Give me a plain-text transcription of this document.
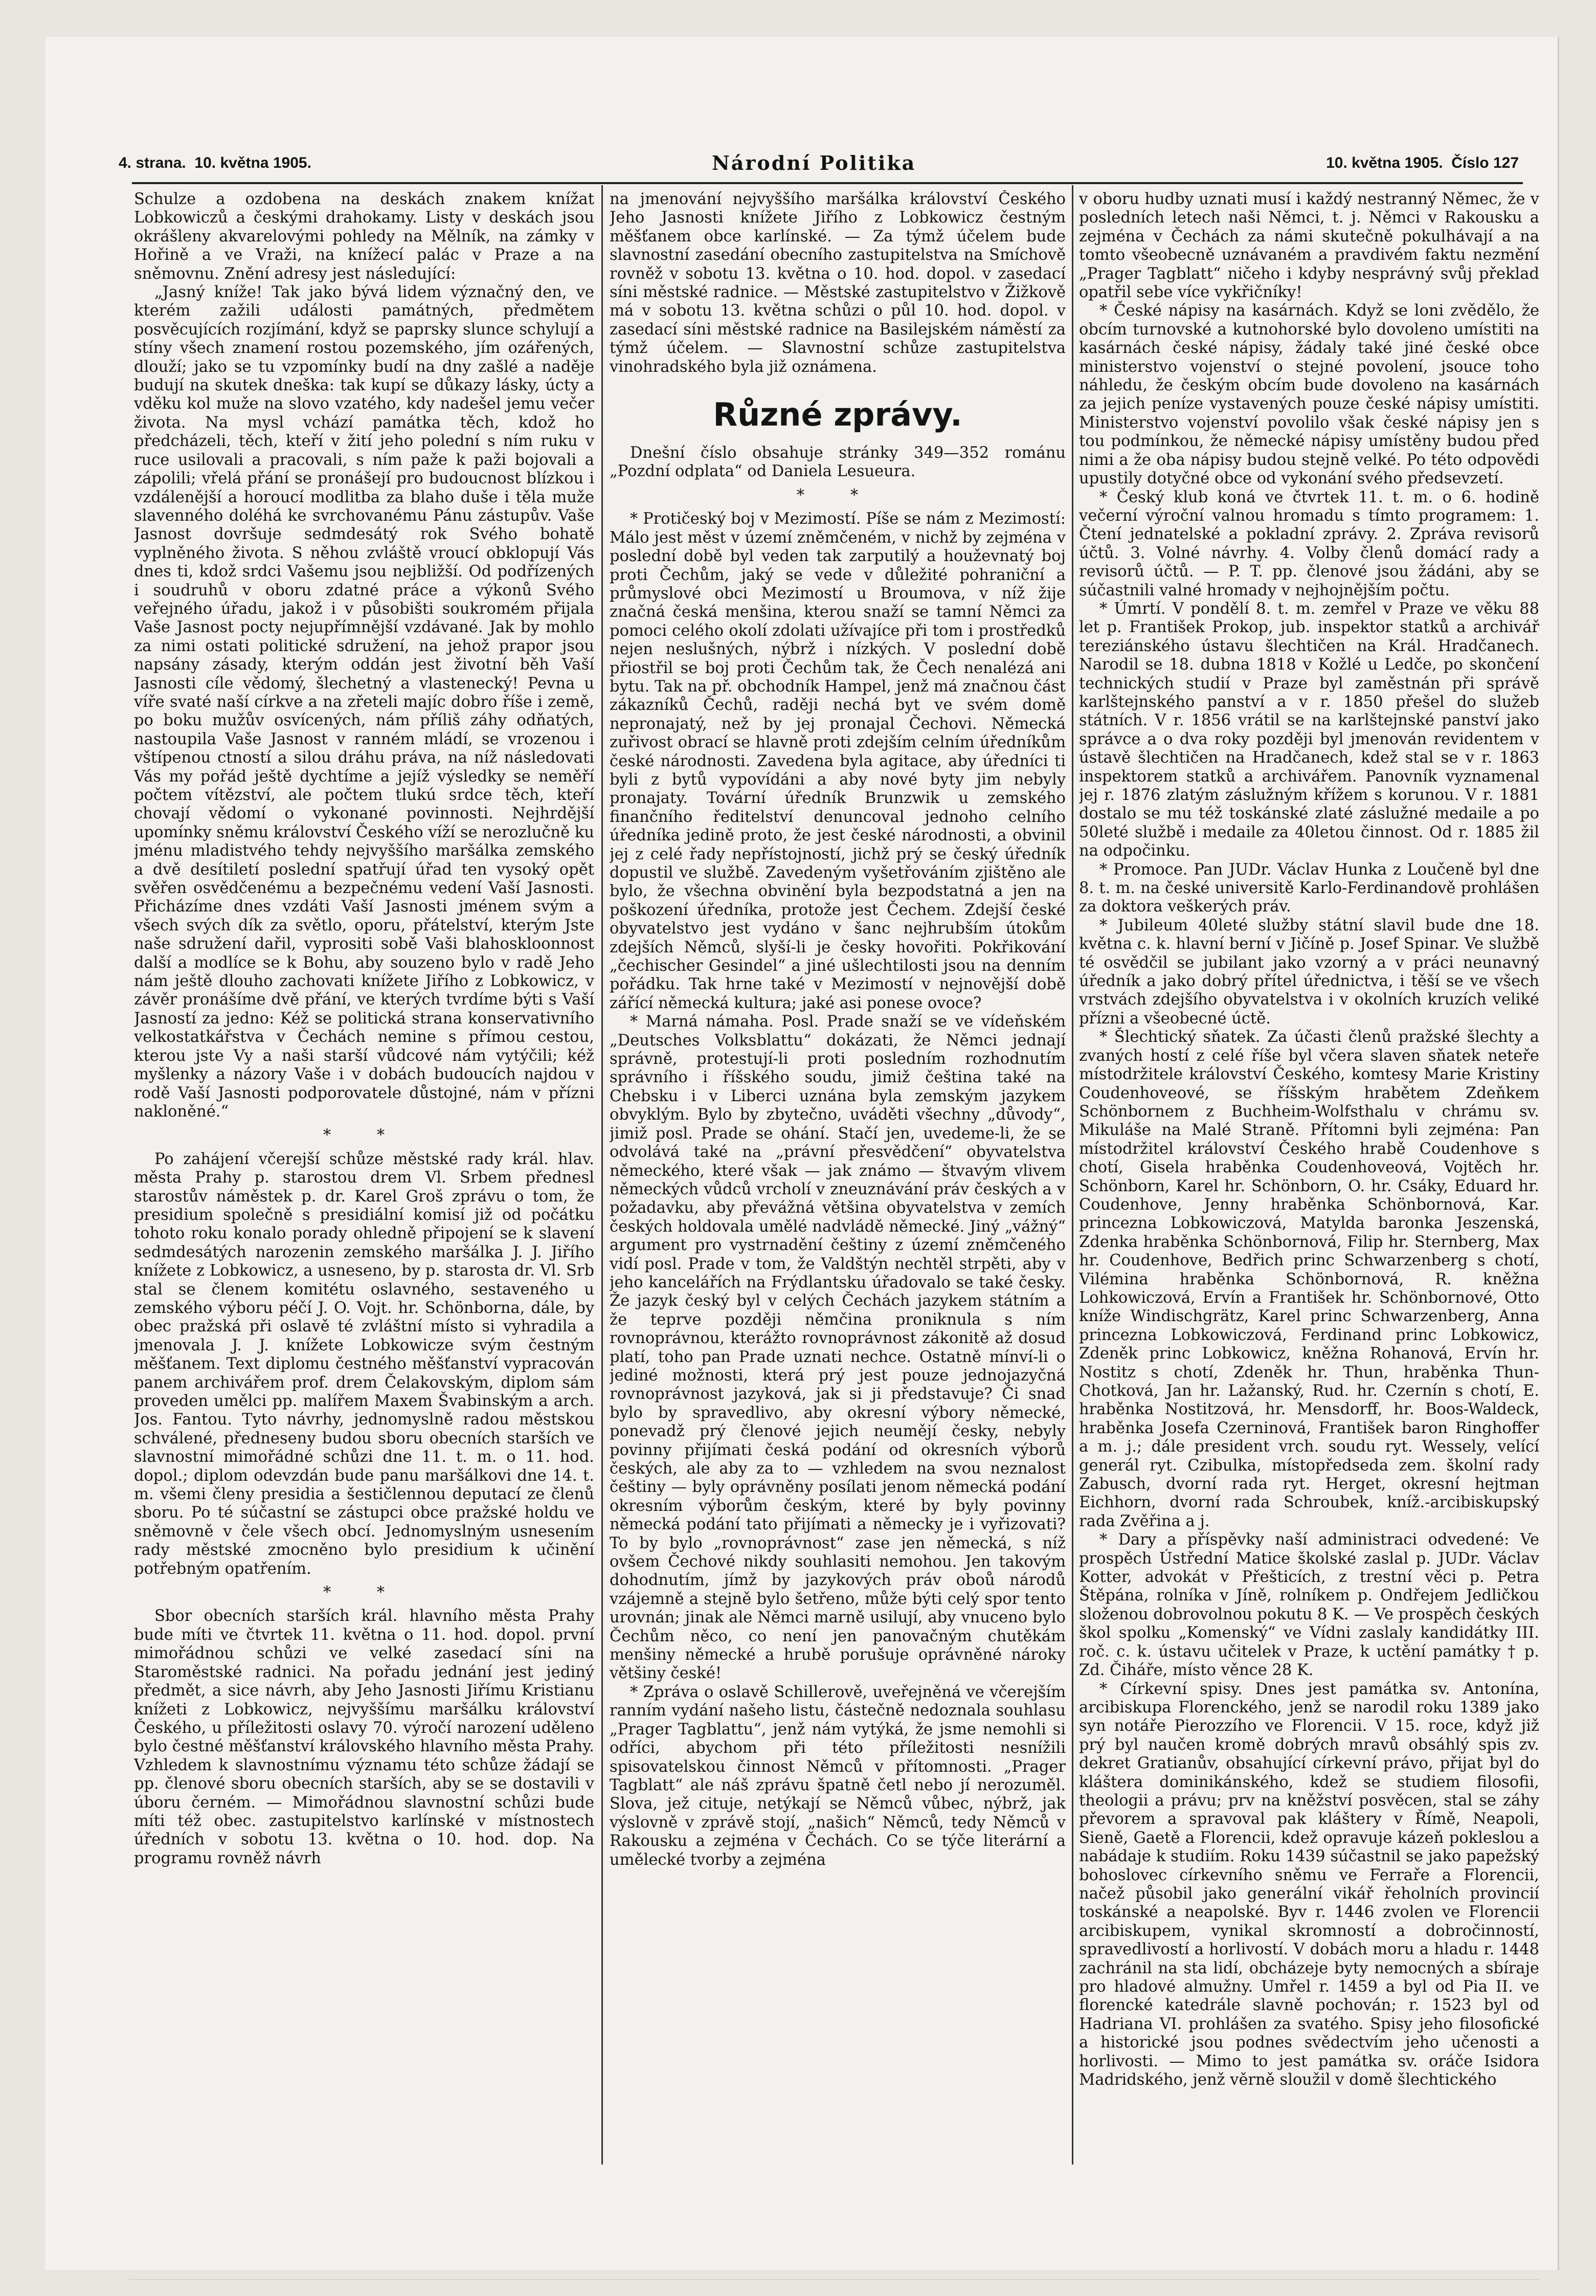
4. strana. 10. května 1905.	Národní Politika	10. května 1905. Číslo 127

Schulze a ozdobena na deskách znakem knížat Lobkowiczů a českými drahokamy. Listy v deskách jsou okrášleny akvarelovými pohledy na Mělník, na zámky v Hořině a ve Vraži, na knížecí palác v Praze a na sněmovnu. Znění adresy jest následující:

„Jasný kníže! Tak jako bývá lidem význačný den, ve kterém zažili události památných, předmětem posvěcujících rozjímání, když se paprsky slunce schylují a stíny všech znamení rostou pozemského, jím ozářených, dlouží; jako se tu vzpomínky budí na dny zašlé a naděje budují na skutek dneška: tak kupí se důkazy lásky, úcty a vděku kol muže na slovo vzatého, kdy nadešel jemu večer života. Na mysl vchází památka těch, kdož ho předcházeli, těch, kteří v žití jeho polední s ním ruku v ruce usilovali a pracovali, s ním paže k paži bojovali a zápolili; vřelá přání se pronášejí pro budoucnost blízkou i vzdálenější a horoucí modlitba za blaho duše i těla muže slavenného doléhá ke svrchovanému Pánu zástupův. Vaše Jasnost dovršuje sedmdesátý rok Svého bohatě vyplněného života. S něhou zvláště vroucí obklopují Vás dnes ti, kdož srdci Vašemu jsou nejbližší. Od podřízených i soudruhů v oboru zdatné práce a výkonů Svého veřejného úřadu, jakož i v působišti soukromém přijala Vaše Jasnost pocty nejupřímnější vzdávané. Jak by mohlo za nimi ostati politické sdružení, na jehož prapor jsou napsány zásady, kterým oddán jest životní běh Vaší Jasnosti cíle vědomý, šlechetný a vlastenecký! Pevna u víře svaté naší církve a na zřeteli majíc dobro říše i země, po boku mužův osvícených, nám příliš záhy odňatých, nastoupila Vaše Jasnost v ranném mládí, se vrozenou i vštípenou ctností a silou dráhu práva, na níž následovati Vás my pořád ještě dychtíme a jejíž výsledky se neměří počtem vítězství, ale počtem tlukú srdce těch, kteří chovají vědomí o vykonané povinnosti. Nejhrdější upomínky sněmu království Českého víží se nerozlučně ku jménu mladistvého tehdy nejvyššího maršálka zemského a dvě desítiletí poslední spatřují úřad ten vysoký opět svěřen osvědčenému a bezpečnému vedení Vaší Jasnosti. Přicházíme dnes vzdáti Vaší Jasnosti jménem svým a všech svých dík za světlo, oporu, přátelství, kterým Jste naše sdružení dařil, vyprositi sobě Vaši blahoskloonnost další a modlíce se k Bohu, aby souzeno bylo v radě Jeho nám ještě dlouho zachovati knížete Jiřího z Lobkowicz, v závěr pronášíme dvě přání, ve kterých tvrdíme býti s Vaší Jasností za jedno: Kéž se politická strana konservativního velkostatkářstva v Čechách nemine s přímou cestou, kterou jste Vy a naši starší vůdcové nám vytýčili; kéž myšlenky a názory Vaše i v dobách budoucích najdou v rodě Vaší Jasnosti podporovatele důstojné, nám v přízni nakloněné.“

* *

Po zahájení včerejší schůze městské rady král. hlav. města Prahy p. starostou drem Vl. Srbem přednesl starostův náměstek p. dr. Karel Groš zprávu o tom, že presidium společně s presidiální komisí již od počátku tohoto roku konalo porady ohledně připojení se k slavení sedmdesátých narozenin zemského maršálka J. J. Jiřího knížete z Lobkowicz, a usneseno, by p. starosta dr. Vl. Srb stal se členem komitétu oslavného, sestaveného u zemského výboru péčí J. O. Vojt. hr. Schönborna, dále, by obec pražská při oslavě té zvláštní místo si vyhradila a jmenovala J. J. knížete Lobkowicze svým čestným měšťanem. Text diplomu čestného měšťanství vypracován panem archivářem prof. drem Čelakovským, diplom sám proveden umělci pp. malířem Maxem Švabinským a arch. Jos. Fantou. Tyto návrhy, jednomyslně radou městskou schválené, předneseny budou sboru obecních starších ve slavnostní mimořádné schůzi dne 11. t. m. o 11. hod. dopol.; diplom odevzdán bude panu maršálkovi dne 14. t. m. všemi členy presidia a šestičlennou deputací ze členů sboru. Po té súčastní se zástupci obce pražské holdu ve sněmovně v čele všech obcí. Jednomyslným usnesením rady městské zmocněno bylo presidium k učinění potřebným opatřením.

* *

Sbor obecních starších král. hlavního města Prahy bude míti ve čtvrtek 11. května o 11. hod. dopol. první mimořádnou schůzi ve velké zasedací síni na Staroměstské radnici. Na pořadu jednání jest jediný předmět, a sice návrh, aby Jeho Jasnosti Jiřímu Kristianu knížeti z Lobkowicz, nejvyššímu maršálku království Českého, u příležitosti oslavy 70. výročí narození uděleno bylo čestné měšťanství královského hlavního města Prahy. Vzhledem k slavnostnímu významu této schůze žádají se pp. členové sboru obecních starších, aby se se dostavili v úboru černém. — Mimořádnou slavnostní schůzi bude míti též obec. zastupitelstvo karlínské v místnostech úředních v sobotu 13. května o 10. hod. dop. Na programu rovněž návrh

na jmenování nejvyššího maršálka království Českého Jeho Jasnosti knížete Jiřího z Lobkowicz čestným měšťanem obce karlínské. — Za týmž účelem bude slavnostní zasedání obecního zastupitelstva na Smíchově rovněž v sobotu 13. května o 10. hod. dopol. v zasedací síni městské radnice. — Městské zastupitelstvo v Žižkově má v sobotu 13. května schůzi o půl 10. hod. dopol. v zasedací síni městské radnice na Basilejském náměstí za týmž účelem. — Slavnostní schůze zastupitelstva vinohradského byla již oznámena.

Různé zprávy.

Dnešní číslo obsahuje stránky 349—352 románu „Pozdní odplata“ od Daniela Lesueura.

* *

* Protičeský boj v Mezimostí. Píše se nám z Mezimostí: Málo jest měst v území zněmčeném, v nichž by zejména v poslední době byl veden tak zarputilý a houževnatý boj proti Čechům, jaký se vede v důležité pohraniční a průmyslové obci Mezimostí u Broumova, v níž žije značná česká menšina, kterou snaží se tamní Němci za pomoci celého okolí zdolati užívajíce při tom i prostředků nejen neslušných, nýbrž i nízkých. V poslední době přiostřil se boj proti Čechům tak, že Čech nenalézá ani bytu. Tak na př. obchodník Hampel, jenž má značnou část zákazníků Čechů, raději nechá byt ve svém domě nepronajatý, než by jej pronajal Čechovi. Německá zuřivost obrací se hlavně proti zdejším celním úředníkům české národnosti. Zavedena byla agitace, aby úředníci ti byli z bytů vypovídáni a aby nové byty jim nebyly pronajaty. Tovární úředník Brunzwik u zemského finančního ředitelství denuncoval jednoho celního úředníka jedině proto, že jest české národnosti, a obvinil jej z celé řady nepřístojností, jichž prý se český úředník dopustil ve službě. Zavedeným vyšetřováním zjištěno ale bylo, že všechna obvinění byla bezpodstatná a jen na poškození úředníka, protože jest Čechem. Zdejší české obyvatelstvo jest vydáno v šanc nejhrubším útokům zdejších Němců, slyší-li je česky hovořiti. Pokřikování „čechischer Gesindel“ a jiné ušlechtilosti jsou na denním pořádku. Tak hrne také v Mezimostí v nejnovější době zářící německá kultura; jaké asi ponese ovoce?

* Marná námaha. Posl. Prade snaží se ve vídeňském „Deutsches Volksblattu“ dokázati, že Němci jednají správně, protestují-li proti posledním rozhodnutím správního i říšského soudu, jimiž čeština také na Chebsku i v Liberci uznána byla zemským jazykem obvyklým. Bylo by zbytečno, uváděti všechny „důvody“, jimiž posl. Prade se ohání. Stačí jen, uvedeme-li, že se odvolává také na „právní přesvědčení“ obyvatelstva německého, které však — jak známo — štvavým vlivem německých vůdců vrcholí v zneuznávání práv českých a v požadavku, aby převážná většina obyvatelstva v zemích českých holdovala umělé nadvládě německé. Jiný „vážný“ argument pro vystrnadění češtiny z území zněmčeného vidí posl. Prade v tom, že Valdštýn nechtěl strpěti, aby v jeho kancelářích na Frýdlantsku úřadovalo se také česky. Že jazyk český byl v celých Čechách jazykem státním a že teprve později němčina proniknula s ním rovnoprávnou, kterážto rovnoprávnost zákonitě až dosud platí, toho pan Prade uznati nechce. Ostatně mínví-li o jediné možnosti, která prý jest pouze jednojazyčná rovnoprávnost jazyková, jak si ji představuje? Či snad bylo by spravedlivo, aby okresní výbory německé, ponevadž prý členové jejich neumějí česky, nebyly povinny přijímati česká podání od okresních výborů českých, ale aby za to — vzhledem na svou neznalost češtiny — byly oprávněny posílati jenom německá podání okresním výborům českým, které by byly povinny německá podání tato přijímati a německy je i vyřizovati? To by bylo „rovnoprávnost“ zase jen německá, s níž ovšem Čechové nikdy souhlasiti nemohou. Jen takovým dohodnutím, jímž by jazykových práv oboů národů vzájemně a stejně bylo šetřeno, může býti celý spor tento urovnán; jinak ale Němci marně usilují, aby vnuceno bylo Čechům něco, co není jen panovačným chutěkám menšiny německé a hrubě porušuje oprávněné nároky většiny české!

* Zpráva o oslavě Schillerově, uveřejněná ve včerejším ranním vydání našeho listu, částečně nedoznala souhlasu „Prager Tagblattu“, jenž nám vytýká, že jsme nemohli si odříci, abychom při této příležitosti nesnížili spisovatelskou činnost Němců v přítomnosti. „Prager Tagblatt“ ale náš zprávu špatně četl nebo jí nerozuměl. Slova, jež cituje, netýkají se Němců vůbec, nýbrž, jak výslovně v zprávě stojí, „našich“ Němců, tedy Němců v Rakousku a zejména v Čechách. Co se týče literární a umělecké tvorby a zejména

v oboru hudby uznati musí i každý nestranný Němec, že v posledních letech naši Němci, t. j. Němci v Rakousku a zejména v Čechách za námi skutečně pokulhávají a na tomto všeobecně uznávaném a pravdivém faktu nezmění „Prager Tagblatt“ ničeho i kdyby nesprávný svůj překlad opatřil sebe více vykřičníky!

* České nápisy na kasárnách. Když se loni zvědělo, že obcím turnovské a kutnohorské bylo dovoleno umístiti na kasárnách české nápisy, žádaly také jiné české obce ministerstvo vojenství o stejné povolení, jsouce toho náhledu, že českým obcím bude dovoleno na kasárnách za jejich peníze vystavených pouze české nápisy umístiti. Ministerstvo vojenství povolilo však české nápisy jen s tou podmínkou, že německé nápisy umístěny budou před nimi a že oba nápisy budou stejně velké. Po této odpovědi upustily dotyčné obce od vykonání svého předsevzetí.

* Český klub koná ve čtvrtek 11. t. m. o 6. hodině večerní výroční valnou hromadu s tímto programem: 1. Čtení jednatelské a pokladní zprávy. 2. Zpráva revisorů účtů. 3. Volné návrhy. 4. Volby členů domácí rady a revisorů účtů. — P. T. pp. členové jsou žádáni, aby se súčastnili valné hromady v nejhojnějším počtu.

* Úmrtí. V pondělí 8. t. m. zemřel v Praze ve věku 88 let p. František Prokop, jub. inspektor statků a archivář tereziánského ústavu šlechtičen na Král. Hradčanech. Narodil se 18. dubna 1818 v Kožlé u Ledče, po skončení technických studií v Praze byl zaměstnán při správě karlštejnského panství a v r. 1850 přešel do služeb státních. V r. 1856 vrátil se na karlštejnské panství jako správce a o dva roky později byl jmenován revidentem v ústavě šlechtičen na Hradčanech, kdež stal se v r. 1863 inspektorem statků a archivářem. Panovník vyznamenal jej r. 1876 zlatým záslužným křížem s korunou. V r. 1881 dostalo se mu též toskánské zlaté záslužné medaile a po 50leté službě i medaile za 40letou činnost. Od r. 1885 žil na odpočinku.

* Promoce. Pan JUDr. Václav Hunka z Loučeně byl dne 8. t. m. na české universitě Karlo-Ferdinandově prohlášen za doktora veškerých práv.

* Jubileum 40leté služby státní slavil bude dne 18. května c. k. hlavní berní v Jičíně p. Josef Spinar. Ve službě té osvědčil se jubilant jako vzorný a v práci neunavný úředník a jako dobrý přítel úřednictva, i těší se ve všech vrstvách zdejšího obyvatelstva i v okolních kruzích veliké přízni a všeobecné úctě.

* Šlechtický sňatek. Za účasti členů pražské šlechty a zvaných hostí z celé říše byl včera slaven sňatek neteře místodržitele království Českého, komtesy Marie Kristiny Coudenhoveové, se říšským hrabětem Zdeňkem Schönbornem z Buchheim-Wolfsthalu v chrámu sv. Mikuláše na Malé Straně. Přítomni byli zejména: Pan místodržitel království Českého hrabě Coudenhove s chotí, Gisela hraběnka Coudenhoveová, Vojtěch hr. Schönborn, Karel hr. Schönborn, O. hr. Csáky, Eduard hr. Coudenhove, Jenny hraběnka Schönbornová, Kar. princezna Lobkowiczová, Matylda baronka Jeszenská, Zdenka hraběnka Schönbornová, Filip hr. Sternberg, Max hr. Coudenhove, Bedřich princ Schwarzenberg s chotí, Vilémina hraběnka Schönbornová, R. kněžna Lohkowiczová, Ervín a František hr. Schönbornové, Otto kníže Windischgrätz, Karel princ Schwarzenberg, Anna princezna Lobkowiczová, Ferdinand princ Lobkowicz, Zdeněk princ Lobkowicz, kněžna Rohanová, Ervín hr. Nostitz s chotí, Zdeněk hr. Thun, hraběnka Thun-Chotková, Jan hr. Lažanský, Rud. hr. Czernín s chotí, E. hraběnka Nostitzová, hr. Mensdorff, hr. Boos-Waldeck, hraběnka Josefa Czerninová, František baron Ringhoffer a m. j.; dále president vrch. soudu ryt. Wessely, velící generál ryt. Czibulka, místopředseda zem. školní rady Zabusch, dvorní rada ryt. Herget, okresní hejtman Eichhorn, dvorní rada Schroubek, kníž.-arcibiskupský rada Zvěřina a j.

* Dary a příspěvky naší administraci odvedené: Ve prospěch Ústřední Matice školské zaslal p. JUDr. Václav Kotter, advokát v Přešticích, z trestní věci p. Petra Štěpána, rolníka v Jíně, rolníkem p. Ondřejem Jedličkou složenou dobrovolnou pokutu 8 K. — Ve prospěch českých škol spolku „Komenský“ ve Vídni zaslaly kandidátky III. roč. c. k. ústavu učitelek v Praze, k uctění památky † p. Zd. Čiháře, místo věnce 28 K.

* Církevní spisy. Dnes jest památka sv. Antonína, arcibiskupa Florenckého, jenž se narodil roku 1389 jako syn notáře Pierozzího ve Florencii. V 15. roce, když již prý byl naučen kromě dobrých mravů obsáhlý spis zv. dekret Gratianův, obsahující církevní právo, přijat byl do kláštera dominikánského, kdež se studiem filosofii, theologii a právu; prv na kněžství posvěcen, stal se záhy převorem a spravoval pak kláštery v Římě, Neapoli, Sieně, Gaetě a Florencii, kdež opravuje kázeň pokleslou a nabádaje k studiím. Roku 1439 súčastnil se jako papežský bohoslovec církevního sněmu ve Ferraře a Florencii, načež působil jako generální vikář řeholních provincií toskánské a neapolské. Byv r. 1446 zvolen ve Florencii arcibiskupem, vynikal skromností a dobročinností, spravedlivostí a horlivostí. V dobách moru a hladu r. 1448 zachránil na sta lidí, obcházeje byty nemocných a sbíraje pro hladové almužny. Umřel r. 1459 a byl od Pia II. ve florencké katedrále slavně pochován; r. 1523 byl od Hadriana VI. prohlášen za svatého. Spisy jeho filosofické a historické jsou podnes svědectvím jeho učenosti a horlivosti. — Mimo to jest památka sv. oráče Isidora Madridského, jenž věrně sloužil v domě šlechtického
